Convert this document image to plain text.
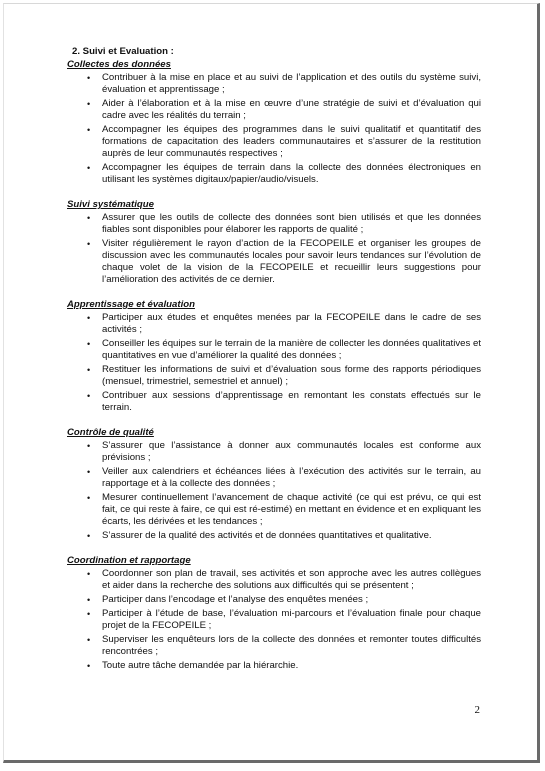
2. Suivi et Evaluation :
Collectes des données
• Contribuer à la mise en place et au suivi de l’application et des outils du système suivi, évaluation et apprentissage ;
• Aider à l’élaboration et à la mise en œuvre d’une stratégie de suivi et d’évaluation qui cadre avec les réalités du terrain ;
• Accompagner les équipes des programmes dans le suivi qualitatif et quantitatif des formations de capacitation des leaders communautaires et s’assurer de la restitution auprès de leur communautés respectives ;
• Accompagner les équipes de terrain dans la collecte des données électroniques en utilisant les systèmes digitaux/papier/audio/visuels.
Suivi systématique
• Assurer que les outils de collecte des données sont bien utilisés et que les données fiables sont disponibles pour élaborer les rapports de qualité ;
• Visiter régulièrement le rayon d’action de la FECOPEILE et organiser les groupes de discussion avec les communautés locales pour savoir leurs tendances sur l’évolution de chaque volet de la vision de la FECOPEILE et recueillir leurs suggestions pour l’amélioration des activités de ce dernier.
Apprentissage et évaluation
• Participer aux études et enquêtes menées par la FECOPEILE dans le cadre de ses activités ;
• Conseiller les équipes sur le terrain de la manière de collecter les données qualitatives et quantitatives en vue d’améliorer la qualité des données ;
• Restituer les informations de suivi et d’évaluation sous forme des rapports périodiques (mensuel, trimestriel, semestriel et annuel) ;
• Contribuer aux sessions d’apprentissage en remontant les constats effectués sur le terrain.
Contrôle de qualité
• S’assurer que l’assistance à donner aux communautés locales est conforme aux prévisions ;
• Veiller aux calendriers et échéances liées à l’exécution des activités sur le terrain, au rapportage et à la collecte des données ;
• Mesurer continuellement l’avancement de chaque activité (ce qui est prévu, ce qui est fait, ce qui reste à faire, ce qui est ré-estimé) en mettant en évidence et en expliquant les écarts, les dérivées et les tendances ;
• S’assurer de la qualité des activités et de données quantitatives et qualitative.
Coordination et rapportage
• Coordonner son plan de travail, ses activités et son approche avec les autres collègues et aider dans la recherche des solutions aux difficultés qui se présentent ;
• Participer dans l’encodage et l’analyse des enquêtes menées ;
• Participer à l’étude de base, l’évaluation mi-parcours et l’évaluation finale pour chaque projet de la FECOPEILE ;
• Superviser les enquêteurs lors de la collecte des données et remonter toutes difficultés rencontrées ;
• Toute autre tâche demandée par la hiérarchie.
2
